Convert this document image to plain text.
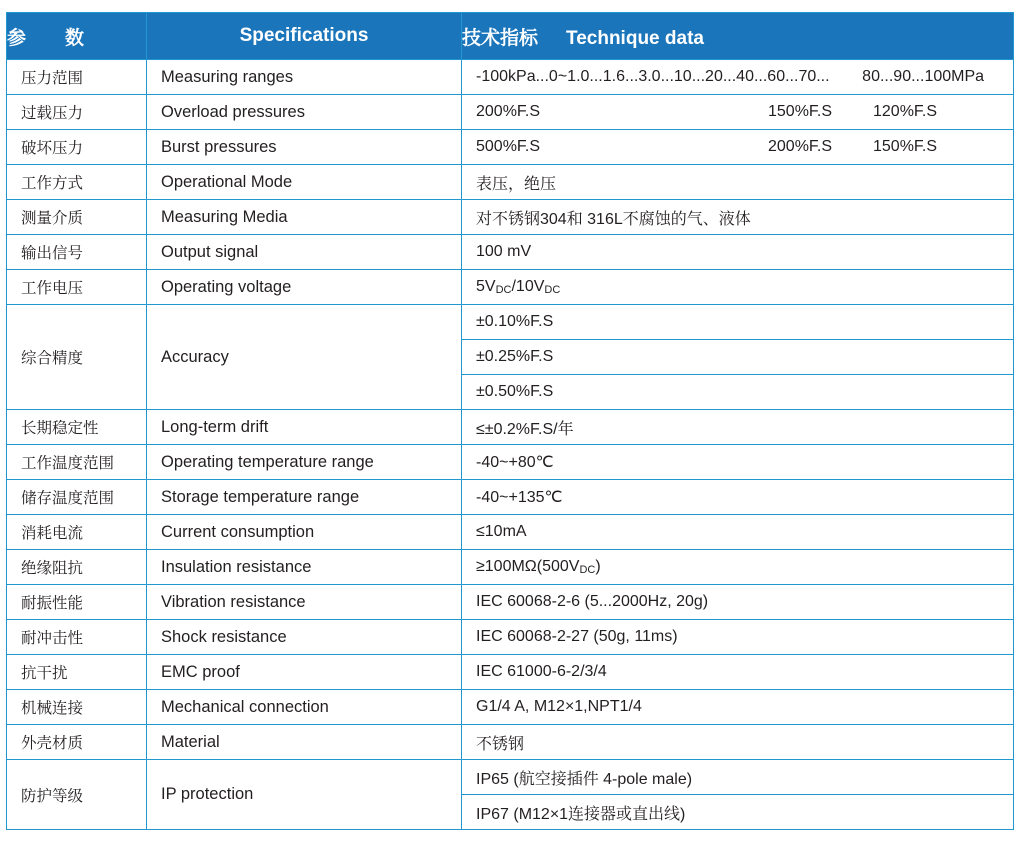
参　数	Specifications	技术指标 Technique data
压力范围	Measuring ranges	-100kPa...0~1.0...1.6...3.0...10...20... 40...60...70... 80...90...100MPa

过载压力	Overload pressures	200%F.S 150%F.S 120%F.S

破坏压力	Burst pressures	500%F.S 200%F.S 150%F.S

工作方式	Operational Mode	表压，绝压
测量介质	Measuring Media	对不锈钢304和 316L不腐蚀的气、液体
输出信号	Output signal	100 mV
工作电压	Operating voltage	5VDC/10VDC
综合精度	Accuracy	±0.10%F.S
		±0.25%F.S
		±0.50%F.S
长期稳定性	Long-term drift	≤±0.2%F.S/年
工作温度范围	Operating temperature range	-40~+80℃
储存温度范围	Storage temperature range	-40~+135℃
消耗电流	Current consumption	≤10mA
绝缘阻抗	Insulation resistance	≥100MΩ(500VDC)
耐振性能	Vibration resistance	IEC 60068-2-6 (5...2000Hz, 20g)
耐冲击性	Shock resistance	IEC 60068-2-27 (50g, 11ms)
抗干扰	EMC proof	IEC 61000-6-2/3/4
机械连接	Mechanical connection	G1/4 A, M12×1,NPT1/4
外壳材质	Material	不锈钢
防护等级	IP protection	IP65 (航空接插件 4-pole male)
		IP67 (M12×1连接器或直出线)
